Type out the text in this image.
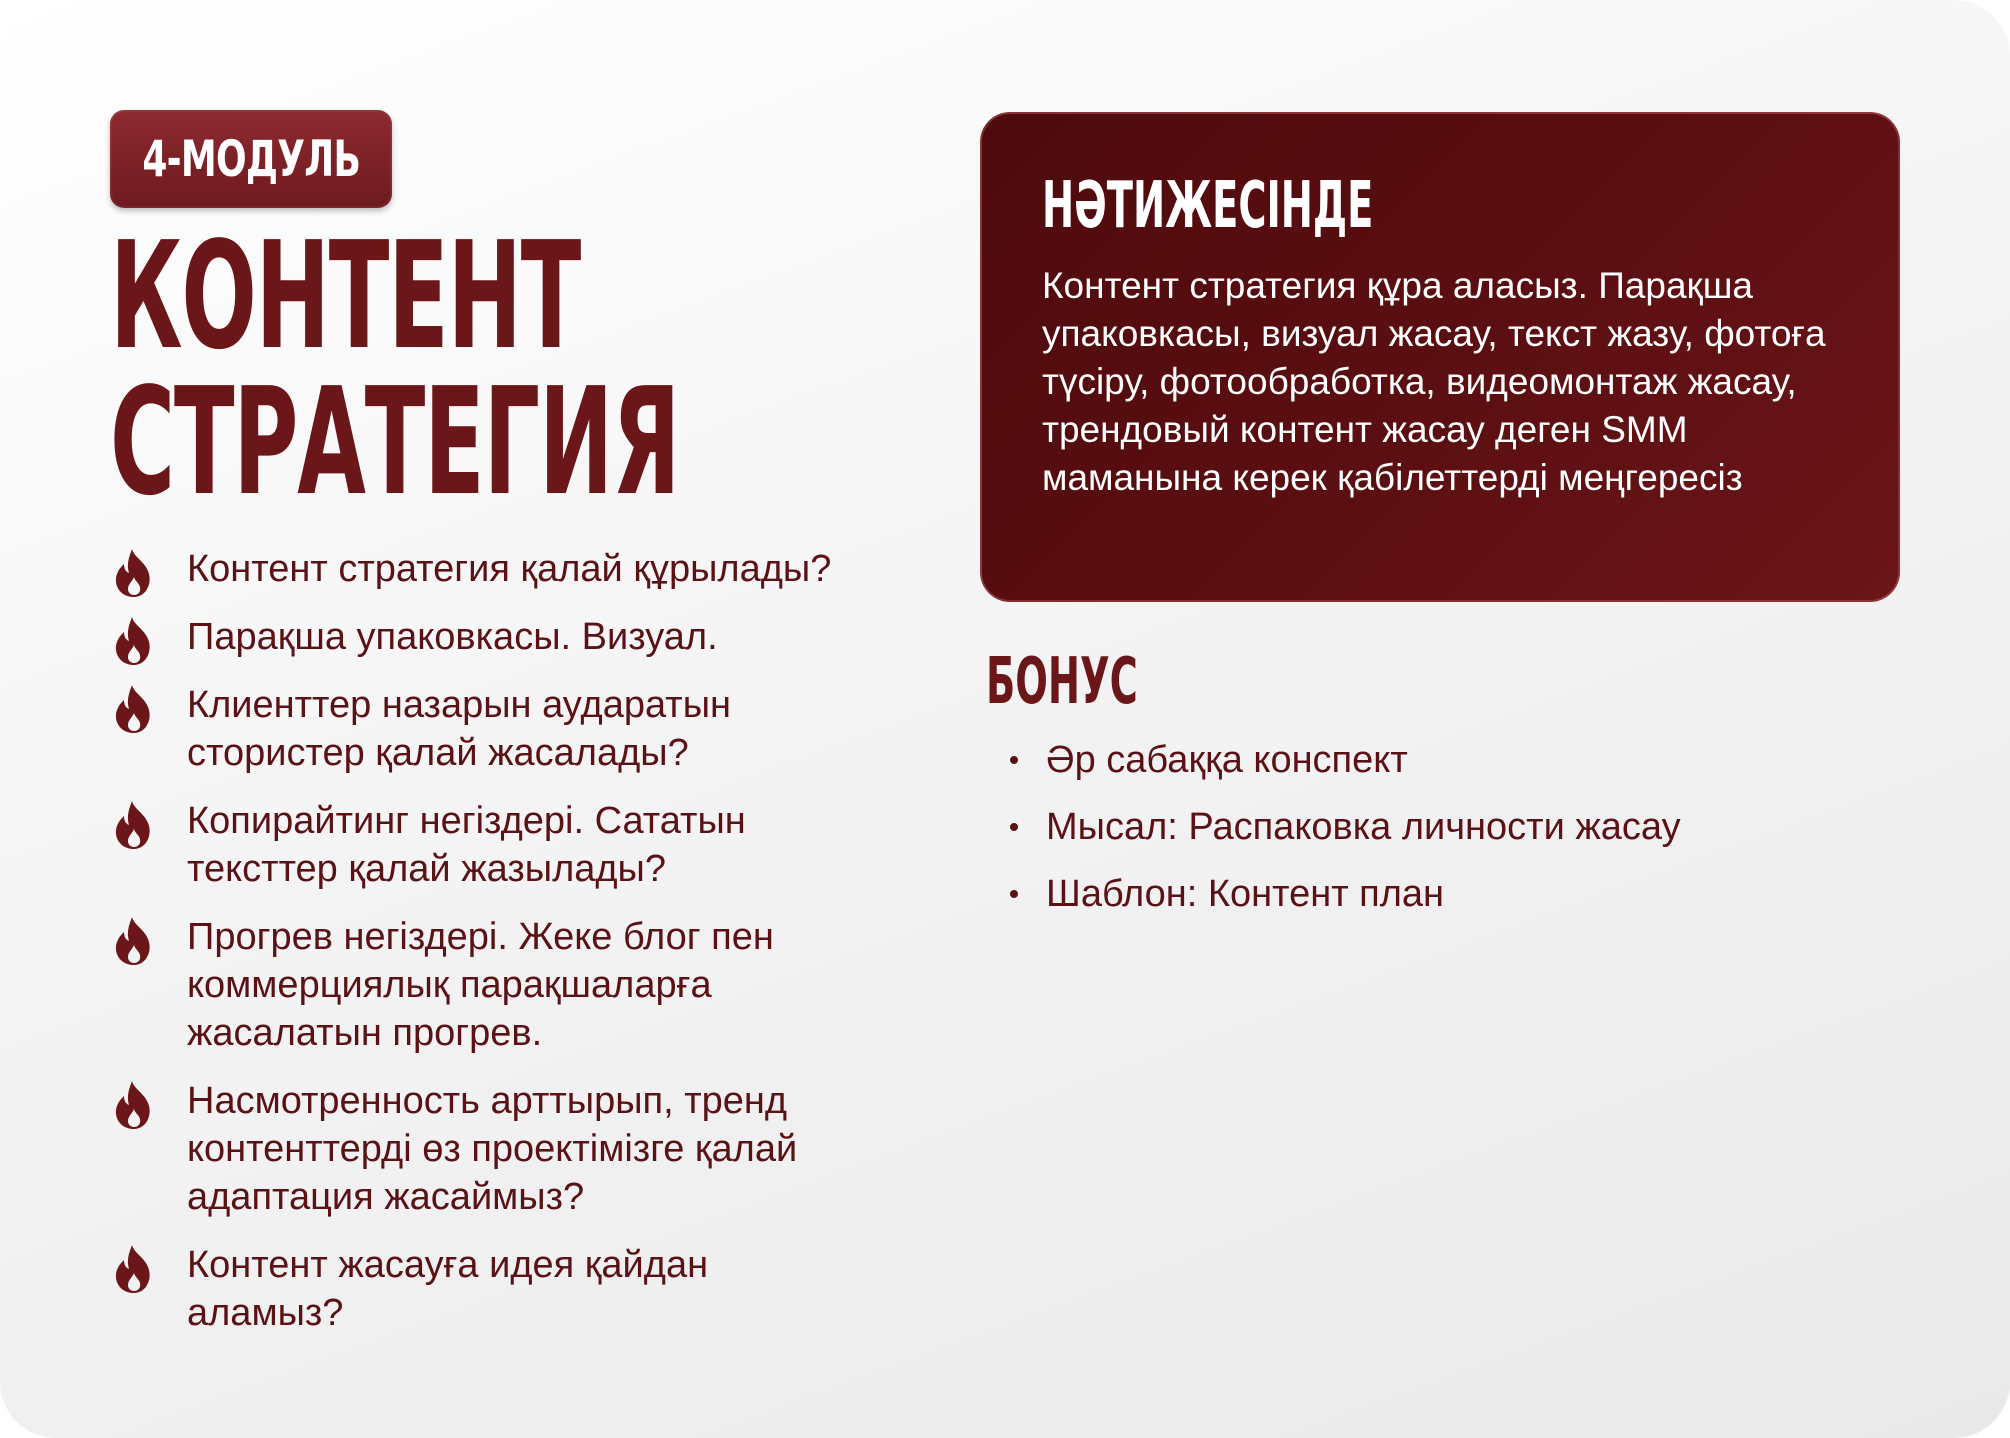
4-МОДУЛЬ
КОНТЕНТ
СТРАТЕГИЯ
Контент стратегия қалай құрылады?
Парақша упаковкасы. Визуал.
Клиенттер назарын аударатын стористер қалай жасалады?
Копирайтинг негіздері. Сататын тексттер қалай жазылады?
Прогрев негіздері. Жеке блог пен коммерциялық парақшаларға жасалатын прогрев.
Насмотренность арттырып, тренд контенттерді өз проектімізге қалай адаптация жасаймыз?
Контент жасауға идея қайдан аламыз?
НӘТИЖЕСІНДЕ
Контент стратегия құра аласыз. Парақша упаковкасы, визуал жасау, текст жазу, фотоға түсіру, фотообработка, видеомонтаж жасау, трендовый контент жасау деген SMM маманына керек қабілеттерді меңгересіз
БОНУС
Әр сабаққа конспект
Мысал: Распаковка личности жасау
Шаблон: Контент план
